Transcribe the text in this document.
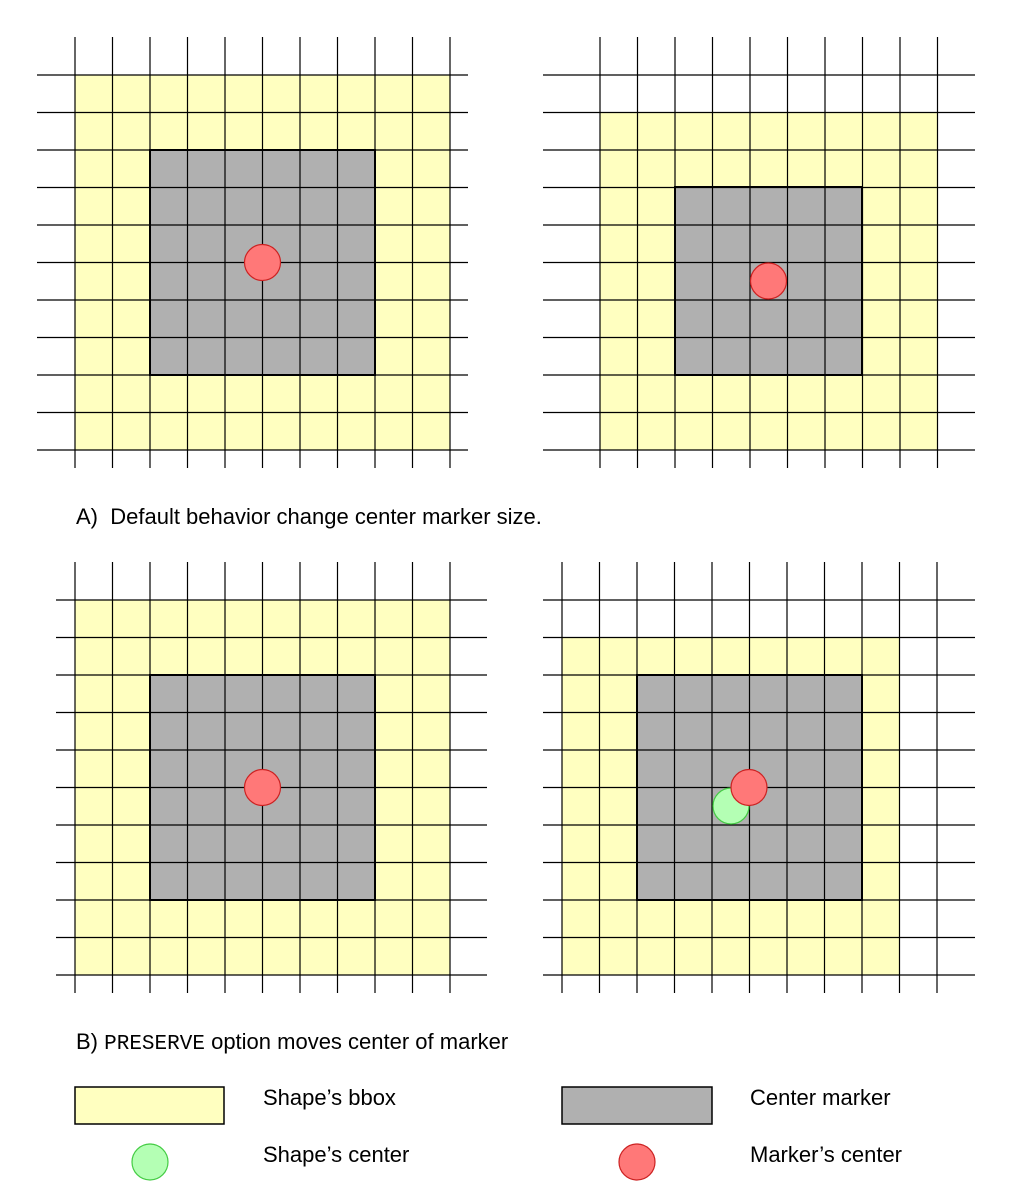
A) Default behavior change center marker size.
B) PRESERVE option moves center of marker
Shape’s bbox	Center marker
Shape’s center	Marker’s center
